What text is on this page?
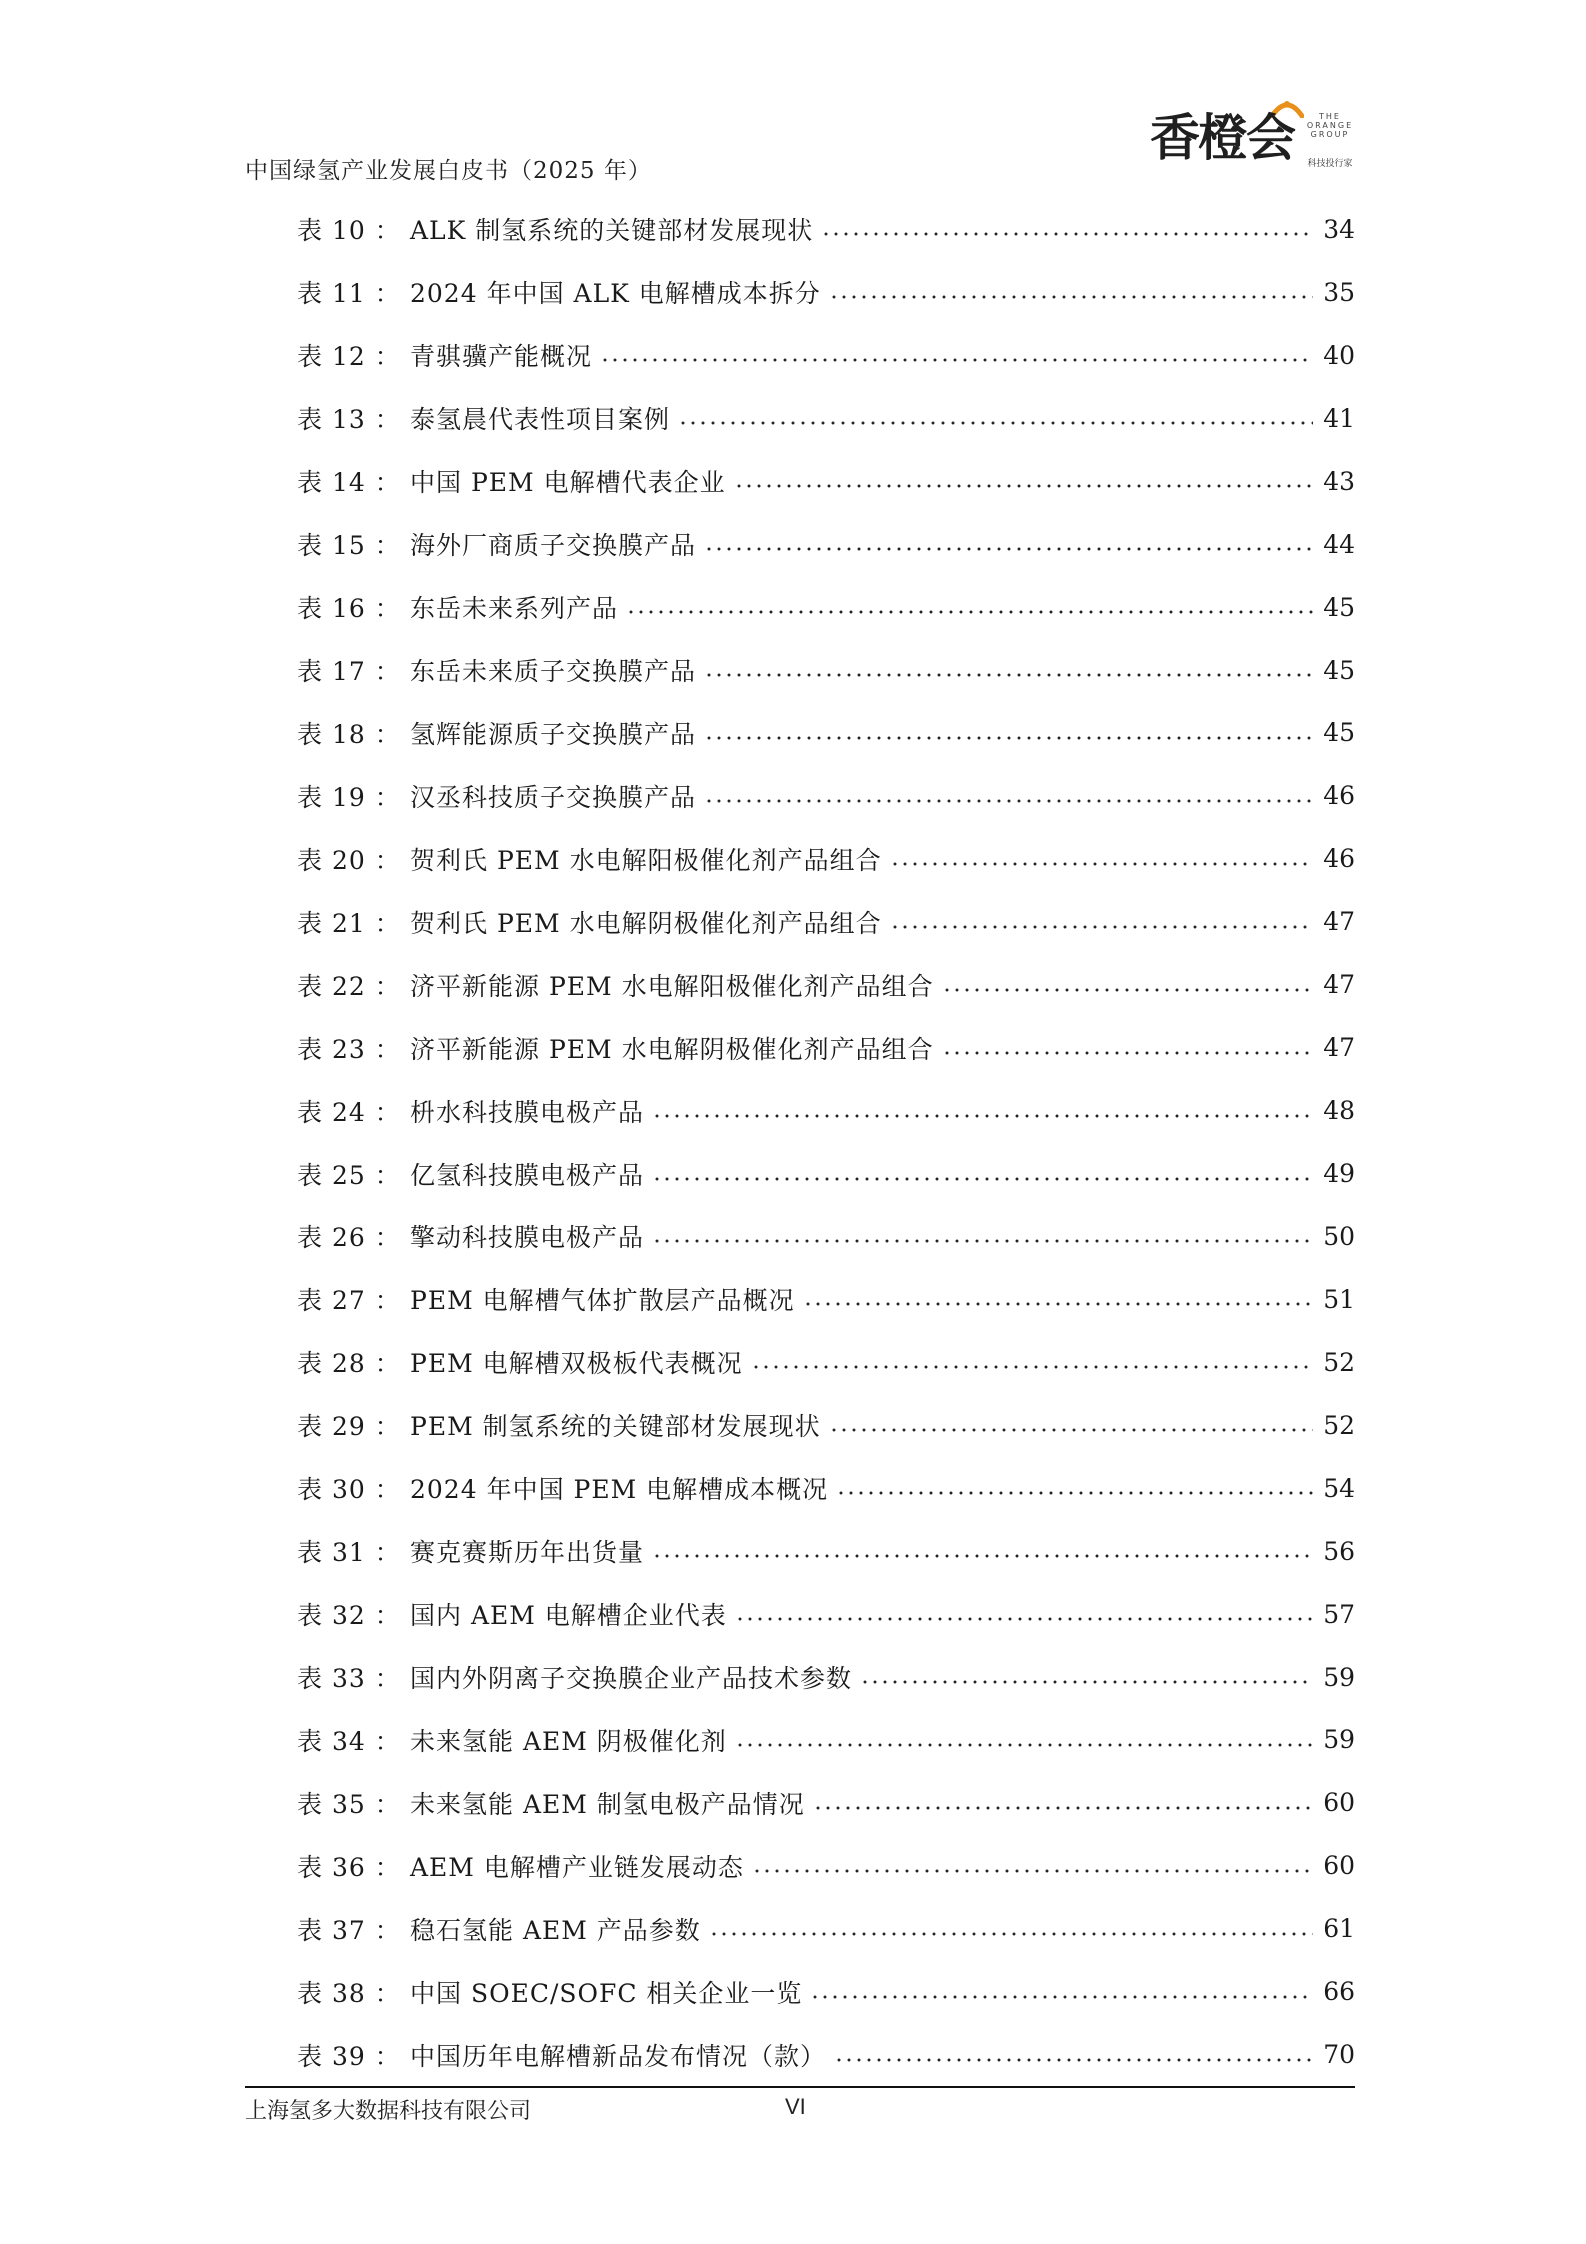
中国绿氢产业发展白皮书（2025 年）
香橙会	THE
ORANGE
GROUP
科技投行家
表 10 ： ALK 制氢系统的关键部材发展现状	34
表 11 ： 2024 年中国 ALK 电解槽成本拆分	35
表 12 ： 青骐骥产能概况	40
表 13 ： 泰氢晨代表性项目案例	41
表 14 ： 中国 PEM 电解槽代表企业	43
表 15 ： 海外厂商质子交换膜产品	44
表 16 ： 东岳未来系列产品	45
表 17 ： 东岳未来质子交换膜产品	45
表 18 ： 氢辉能源质子交换膜产品	45
表 19 ： 汉丞科技质子交换膜产品	46
表 20 ： 贺利氏 PEM 水电解阳极催化剂产品组合	46
表 21 ： 贺利氏 PEM 水电解阴极催化剂产品组合	47
表 22 ： 济平新能源 PEM 水电解阳极催化剂产品组合	47
表 23 ： 济平新能源 PEM 水电解阴极催化剂产品组合	47
表 24 ： 枡水科技膜电极产品	48
表 25 ： 亿氢科技膜电极产品	49
表 26 ： 擎动科技膜电极产品	50
表 27 ： PEM 电解槽气体扩散层产品概况	51
表 28 ： PEM 电解槽双极板代表概况	52
表 29 ： PEM 制氢系统的关键部材发展现状	52
表 30 ： 2024 年中国 PEM 电解槽成本概况	54
表 31 ： 赛克赛斯历年出货量	56
表 32 ： 国内 AEM 电解槽企业代表	57
表 33 ： 国内外阴离子交换膜企业产品技术参数	59
表 34 ： 未来氢能 AEM 阴极催化剂	59
表 35 ： 未来氢能 AEM 制氢电极产品情况	60
表 36 ： AEM 电解槽产业链发展动态	60
表 37 ： 稳石氢能 AEM 产品参数	61
表 38 ： 中国 SOEC/SOFC 相关企业一览	66
表 39 ： 中国历年电解槽新品发布情况（款）	70
上海氢多大数据科技有限公司	VI
